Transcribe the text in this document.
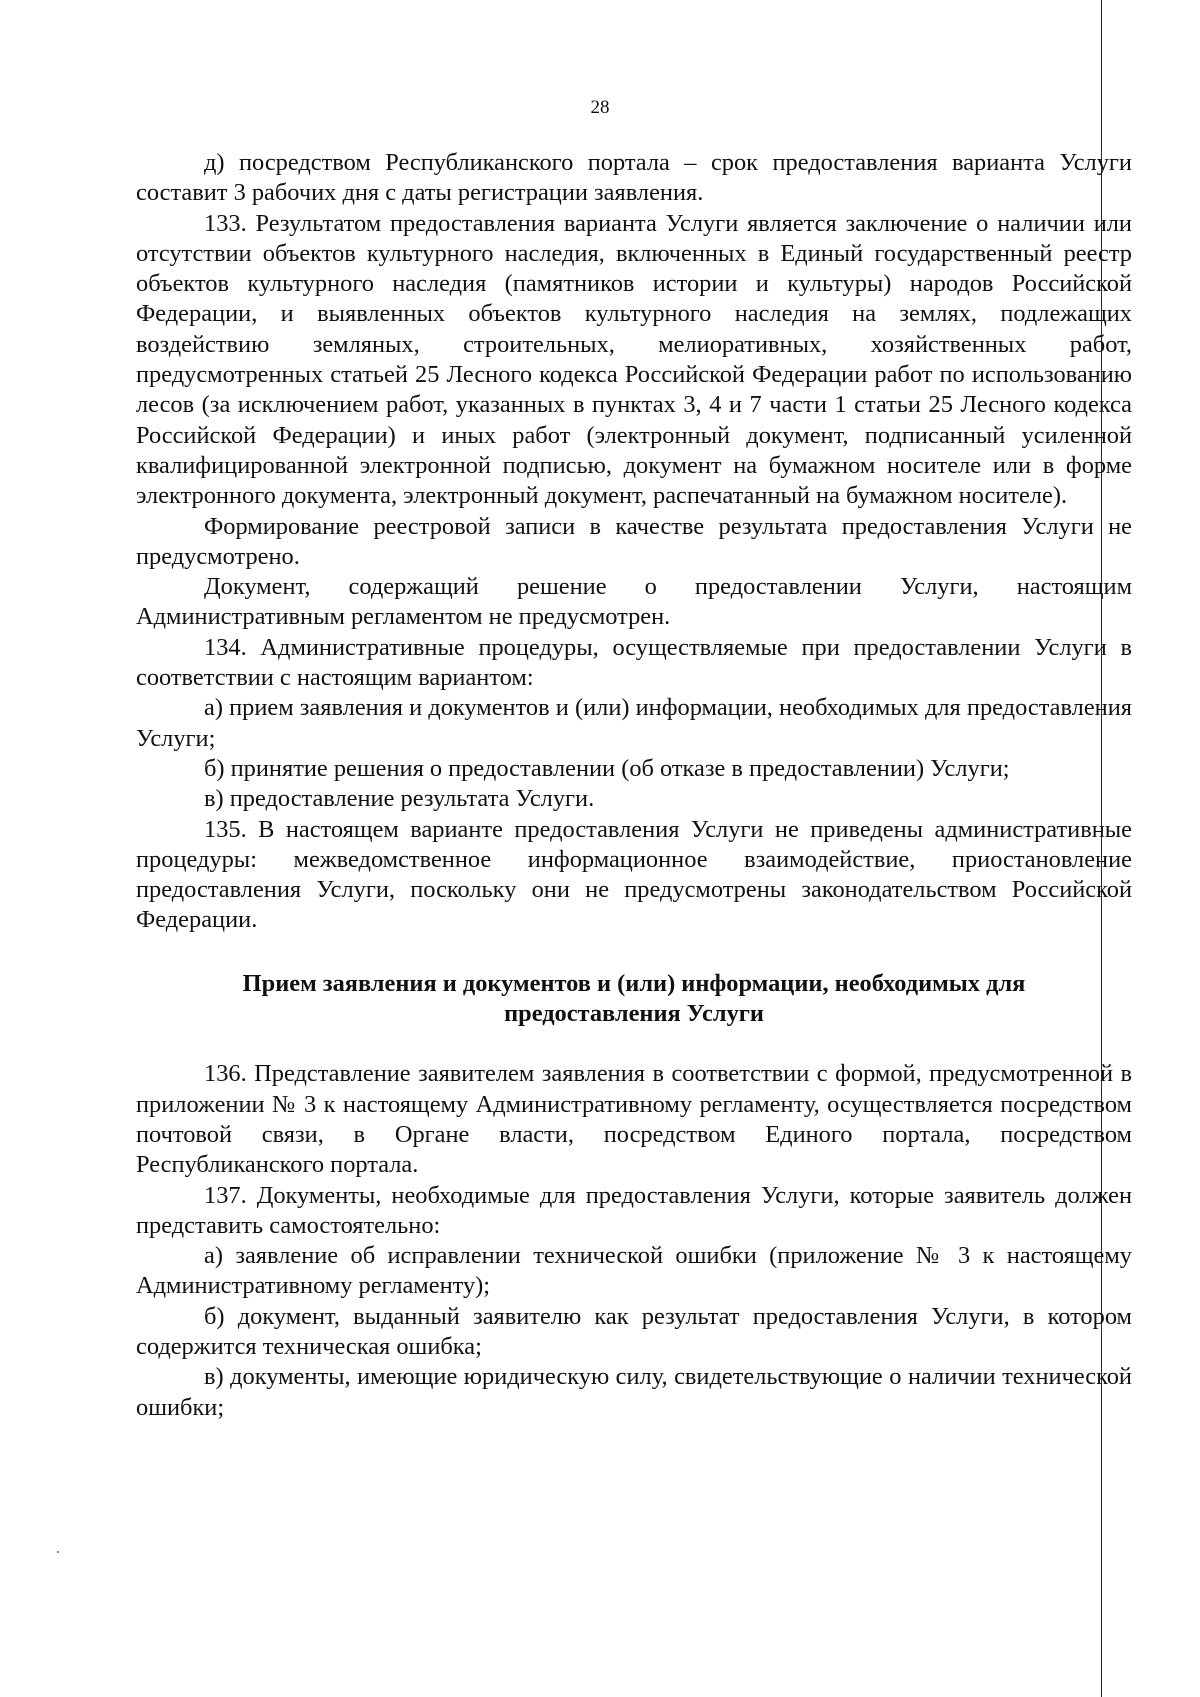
28

д) посредством Республиканского портала – срок предоставления варианта Услуги составит 3 рабочих дня с даты регистрации заявления.

133. Результатом предоставления варианта Услуги является заключение о наличии или отсутствии объектов культурного наследия, включенных в Единый государственный реестр объектов культурного наследия (памятников истории и культуры) народов Российской Федерации, и выявленных объектов культурного наследия на землях, подлежащих воздействию земляных, строительных, мелиоративных, хозяйственных работ, предусмотренных статьей 25 Лесного кодекса Российской Федерации работ по использованию лесов (за исключением работ, указанных в пунктах 3, 4 и 7 части 1 статьи 25 Лесного кодекса Российской Федерации) и иных работ (электронный документ, подписанный усиленной квалифицированной электронной подписью, документ на бумажном носителе или в форме электронного документа, электронный документ, распечатанный на бумажном носителе).

Формирование реестровой записи в качестве результата предоставления Услуги не предусмотрено.

Документ, содержащий решение о предоставлении Услуги, настоящим Административным регламентом не предусмотрен.

134. Административные процедуры, осуществляемые при предоставлении Услуги в соответствии с настоящим вариантом:

а) прием заявления и документов и (или) информации, необходимых для предоставления Услуги;

б) принятие решения о предоставлении (об отказе в предоставлении) Услуги;

в) предоставление результата Услуги.

135. В настоящем варианте предоставления Услуги не приведены административные процедуры: межведомственное информационное взаимодействие, приостановление предоставления Услуги, поскольку они не предусмотрены законодательством Российской Федерации.

Прием заявления и документов и (или) информации, необходимых для предоставления Услуги

136. Представление заявителем заявления в соответствии с формой, предусмотренной в приложении № 3 к настоящему Административному регламенту, осуществляется посредством почтовой связи, в Органе власти, посредством Единого портала, посредством Республиканского портала.

137. Документы, необходимые для предоставления Услуги, которые заявитель должен представить самостоятельно:

а) заявление об исправлении технической ошибки (приложение № 3 к настоящему Административному регламенту);

б) документ, выданный заявителю как результат предоставления Услуги, в котором содержится техническая ошибка;

в) документы, имеющие юридическую силу, свидетельствующие о наличии технической ошибки;
